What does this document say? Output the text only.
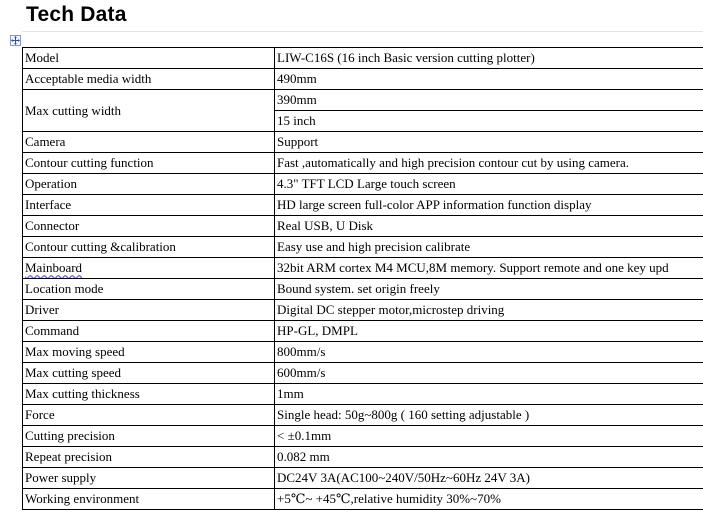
Tech Data
Model	LIW-C16S (16 inch Basic version cutting plotter)
Acceptable media width	490mm
Max cutting width	390mm
	15 inch
Camera	Support
Contour cutting function	Fast ,automatically and high precision contour cut by using camera.
Operation	4.3" TFT LCD Large touch screen
Interface	HD large screen full-color APP information function display
Connector	Real USB, U Disk
Contour cutting &calibration	Easy use and high precision calibrate
Mainboard	32bit ARM cortex M4 MCU,8M memory. Support remote and one key upd
Location mode	Bound system. set origin freely
Driver	Digital DC stepper motor,microstep driving
Command	HP-GL, DMPL
Max moving speed	800mm/s
Max cutting speed	600mm/s
Max cutting thickness	1mm
Force	Single head: 50g~800g ( 160 setting adjustable )
Cutting precision	< ±0.1mm
Repeat precision	0.082 mm
Power supply	DC24V 3A(AC100~240V/50Hz~60Hz 24V 3A)
Working environment	+5℃~ +45℃,relative humidity 30%~70%
